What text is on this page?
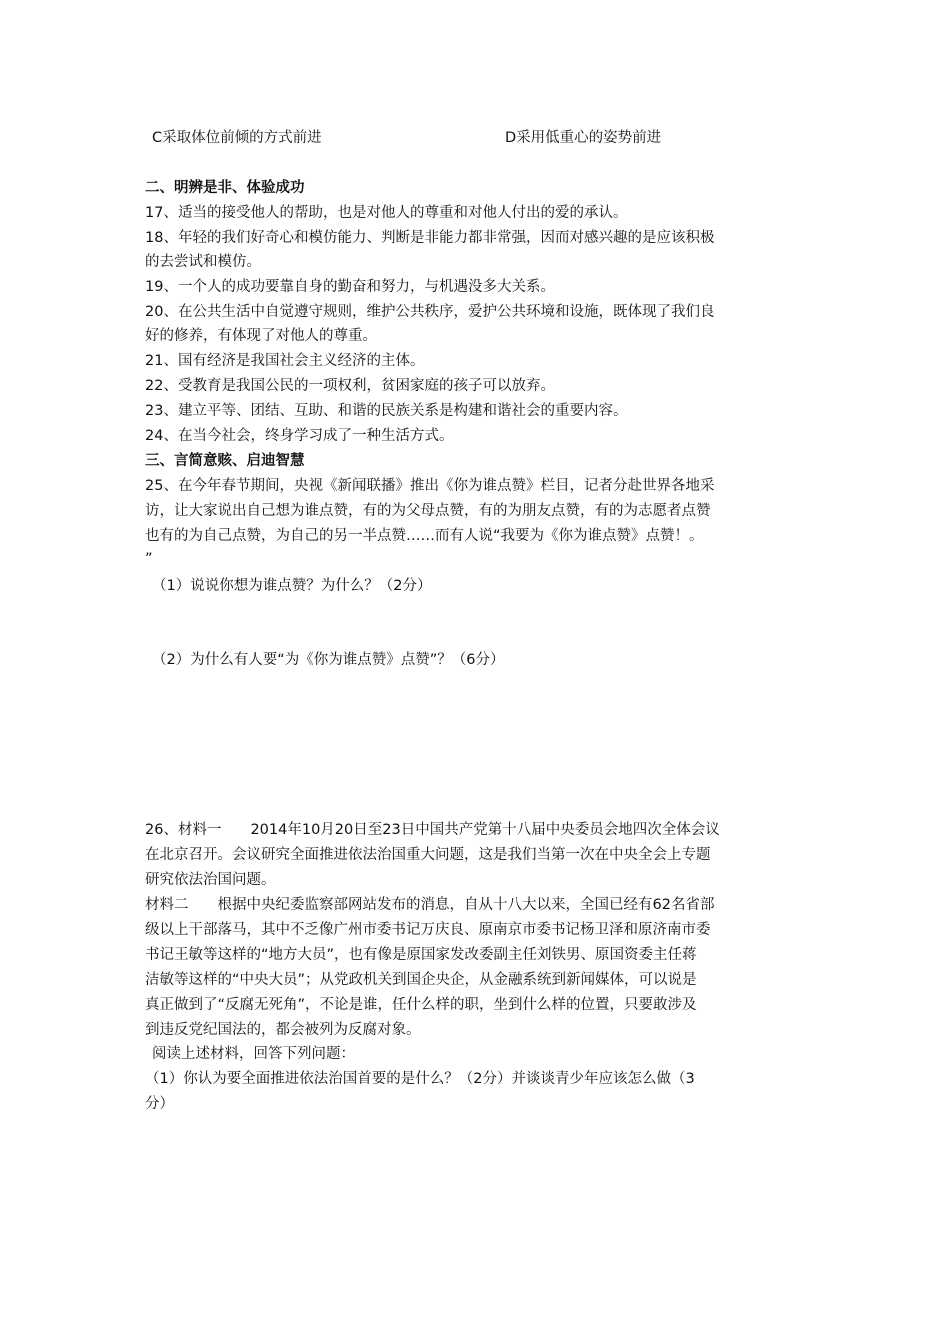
C采取体位前倾的方式前进	D采用低重心的姿势前进
二、明辨是非、体验成功
17、适当的接受他人的帮助，也是对他人的尊重和对他人付出的爱的承认。
18、年轻的我们好奇心和模仿能力、判断是非能力都非常强，因而对感兴趣的是应该积极
的去尝试和模仿。
19、一个人的成功要靠自身的勤奋和努力，与机遇没多大关系。
20、在公共生活中自觉遵守规则，维护公共秩序，爱护公共环境和设施，既体现了我们良
好的修养，有体现了对他人的尊重。
21、国有经济是我国社会主义经济的主体。
22、受教育是我国公民的一项权利，贫困家庭的孩子可以放弃。
23、建立平等、团结、互助、和谐的民族关系是构建和谐社会的重要内容。
24、在当今社会，终身学习成了一种生活方式。
三、言简意赅、启迪智慧
25、在今年春节期间，央视《新闻联播》推出《你为谁点赞》栏目，记者分赴世界各地采
访，让大家说出自己想为谁点赞，有的为父母点赞，有的为朋友点赞，有的为志愿者点赞
也有的为自己点赞，为自己的另一半点赞……而有人说“我要为《你为谁点赞》点赞！。
”
（1）说说你想为谁点赞？为什么？（2分）
（2）为什么有人要“为《你为谁点赞》点赞”？（6分）
26、材料一　　2014年10月20日至23日中国共产党第十八届中央委员会地四次全体会议
在北京召开。会议研究全面推进依法治国重大问题，这是我们当第一次在中央全会上专题
研究依法治国问题。
材料二　　根据中央纪委监察部网站发布的消息，自从十八大以来，全国已经有62名省部
级以上干部落马，其中不乏像广州市委书记万庆良、原南京市委书记杨卫泽和原济南市委
书记王敏等这样的“地方大员”，也有像是原国家发改委副主任刘铁男、原国资委主任蒋
洁敏等这样的“中央大员”；从党政机关到国企央企，从金融系统到新闻媒体，可以说是
真正做到了“反腐无死角”，不论是谁，任什么样的职，坐到什么样的位置，只要敢涉及
到违反党纪国法的，都会被列为反腐对象。
阅读上述材料，回答下列问题：
（1）你认为要全面推进依法治国首要的是什么？（2分）并谈谈青少年应该怎么做（3
分）
